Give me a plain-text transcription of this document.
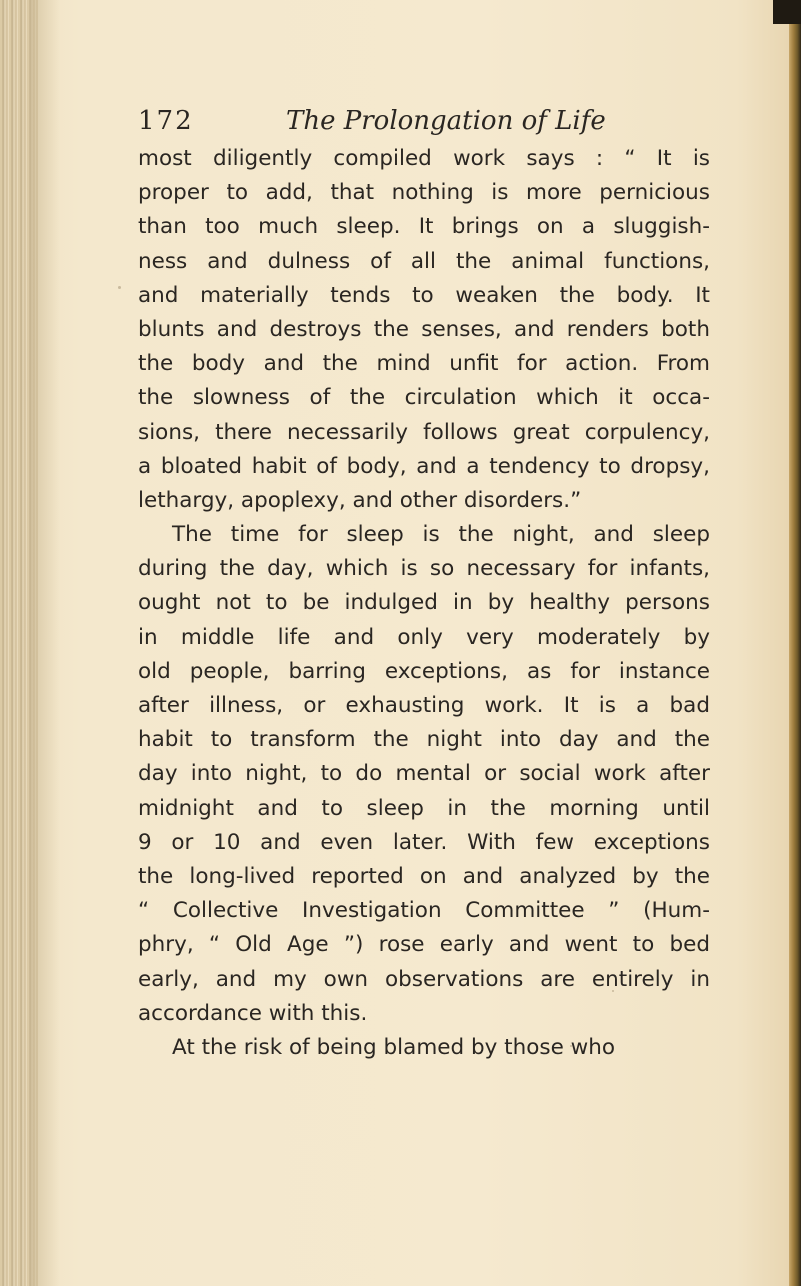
172	The Prolongation of Life
most diligently compiled work says : “ It is
proper to add, that nothing is more pernicious
than too much sleep. It brings on a sluggish-
ness and dulness of all the animal functions,
and materially tends to weaken the body. It
blunts and destroys the senses, and renders both
the body and the mind unfit for action. From
the slowness of the circulation which it occa-
sions, there necessarily follows great corpulency,
a bloated habit of body, and a tendency to dropsy,
lethargy, apoplexy, and other disorders.”
The time for sleep is the night, and sleep
during the day, which is so necessary for infants,
ought not to be indulged in by healthy persons
in middle life and only very moderately by
old people, barring exceptions, as for instance
after illness, or exhausting work. It is a bad
habit to transform the night into day and the
day into night, to do mental or social work after
midnight and to sleep in the morning until
9 or 10 and even later. With few exceptions
the long-lived reported on and analyzed by the
“ Collective Investigation Committee ” (Hum-
phry, “ Old Age ”) rose early and went to bed
early, and my own observations are entirely in
accordance with this.
At the risk of being blamed by those who
